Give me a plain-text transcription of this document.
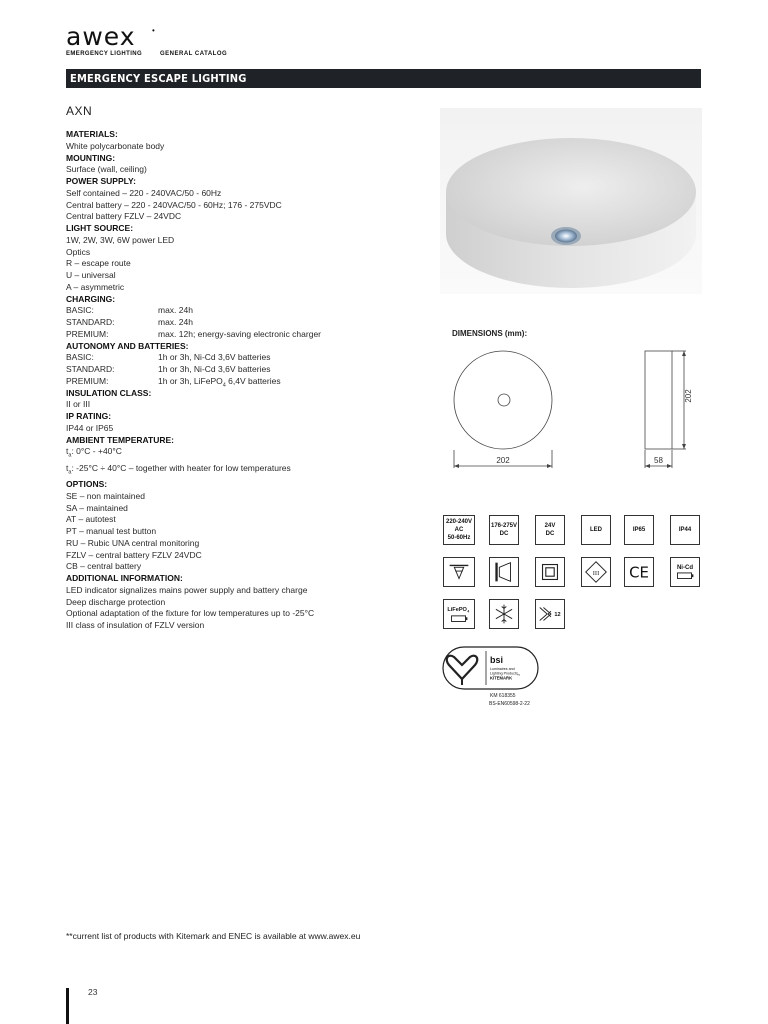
awex •
EMERGENCY LIGHTING	GENERAL CATALOG
EMERGENCY ESCAPE LIGHTING
AXN
MATERIALS:
White polycarbonate body
MOUNTING:
Surface (wall, ceiling)
POWER SUPPLY:
Self contained – 220 - 240VAC/50 - 60Hz
Central battery – 220 - 240VAC/50 - 60Hz; 176 - 275VDC
Central battery FZLV – 24VDC
LIGHT SOURCE:
1W, 2W, 3W, 6W power LED
Optics
R – escape route
U – universal
A – asymmetric
CHARGING:
BASIC:	max. 24h
STANDARD:	max. 24h
PREMIUM:	max. 12h; energy-saving electronic charger
AUTONOMY AND BATTERIES:
BASIC:	1h or 3h, Ni-Cd 3,6V batteries
STANDARD:	1h or 3h, Ni-Cd 3,6V batteries
PREMIUM:	1h or 3h, LiFePO$_4$ 6,4V batteries
INSULATION CLASS:
II or III
IP RATING:
IP44 or IP65
AMBIENT TEMPERATURE:
$t_a$: 0°C - +40°C
$t_a$: -25°C ÷ 40°C – together with heater for low temperatures
OPTIONS:
SE – non maintained
SA – maintained
AT – autotest
PT – manual test button
RU – Rubic UNA central monitoring
FZLV – central battery FZLV 24VDC
CB – central battery
ADDITIONAL INFORMATION:
LED indicator signalizes mains power supply and battery charge
Deep discharge protection
Optional adaptation of the fixture for low temperatures up to -25°C
III class of insulation of FZLV version
DIMENSIONS (mm):
202	58
202
220-240V
AC
50-60Hz
176-275V
DC
24V
DC
LED	IP65	IP44
III CE	Ni-Cd
LiFePO 4
12
bsi
Luminaires and
Lighting Products
KITEMARK ™
KM 618355
BS-EN60598-2-22
**current list of products with Kitemark and ENEC is available at www.awex.eu
23
